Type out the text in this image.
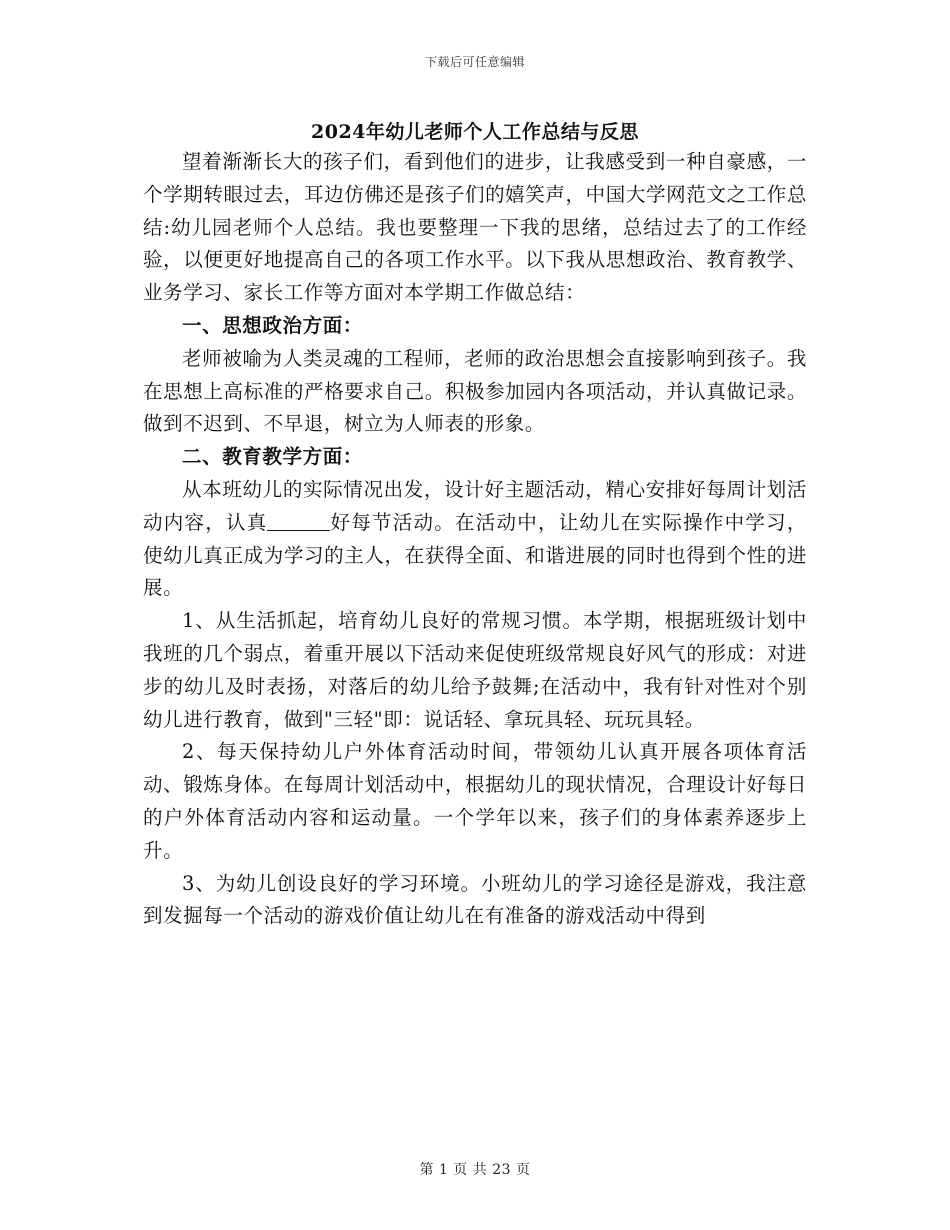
下载后可任意编辑
2024年幼儿老师个人工作总结与反思

望着渐渐长大的孩子们，看到他们的进步，让我感受到一种自豪感，一个学期转眼过去，耳边仿佛还是孩子们的嬉笑声，中国大学网范文之工作总结:幼儿园老师个人总结。我也要整理一下我的思绪，总结过去了的工作经验，以便更好地提高自己的各项工作水平。以下我从思想政治、教育教学、业务学习、家长工作等方面对本学期工作做总结：

一、思想政治方面：

老师被喻为人类灵魂的工程师，老师的政治思想会直接影响到孩子。我在思想上高标准的严格要求自己。积极参加园内各项活动，并认真做记录。做到不迟到、不早退，树立为人师表的形象。

二、教育教学方面：

从本班幼儿的实际情况出发，设计好主题活动，精心安排好每周计划活动内容，认真	好每节活动。在活动中，让幼儿在实际操作中学习，使幼儿真正成为学习的主人，在获得全面、和谐进展的同时也得到个性的进展。

1、从生活抓起，培育幼儿良好的常规习惯。本学期，根据班级计划中我班的几个弱点，着重开展以下活动来促使班级常规良好风气的形成：对进步的幼儿及时表扬，对落后的幼儿给予鼓舞;在活动中，我有针对性对个别幼儿进行教育，做到"三轻"即：说话轻、拿玩具轻、玩玩具轻。

2、每天保持幼儿户外体育活动时间，带领幼儿认真开展各项体育活动、锻炼身体。在每周计划活动中，根据幼儿的现状情况，合理设计好每日的户外体育活动内容和运动量。一个学年以来，孩子们的身体素养逐步上升。

3、为幼儿创设良好的学习环境。小班幼儿的学习途径是游戏，我注意到发掘每一个活动的游戏价值让幼儿在有准备的游戏活动中得到

第 1 页 共 23 页
